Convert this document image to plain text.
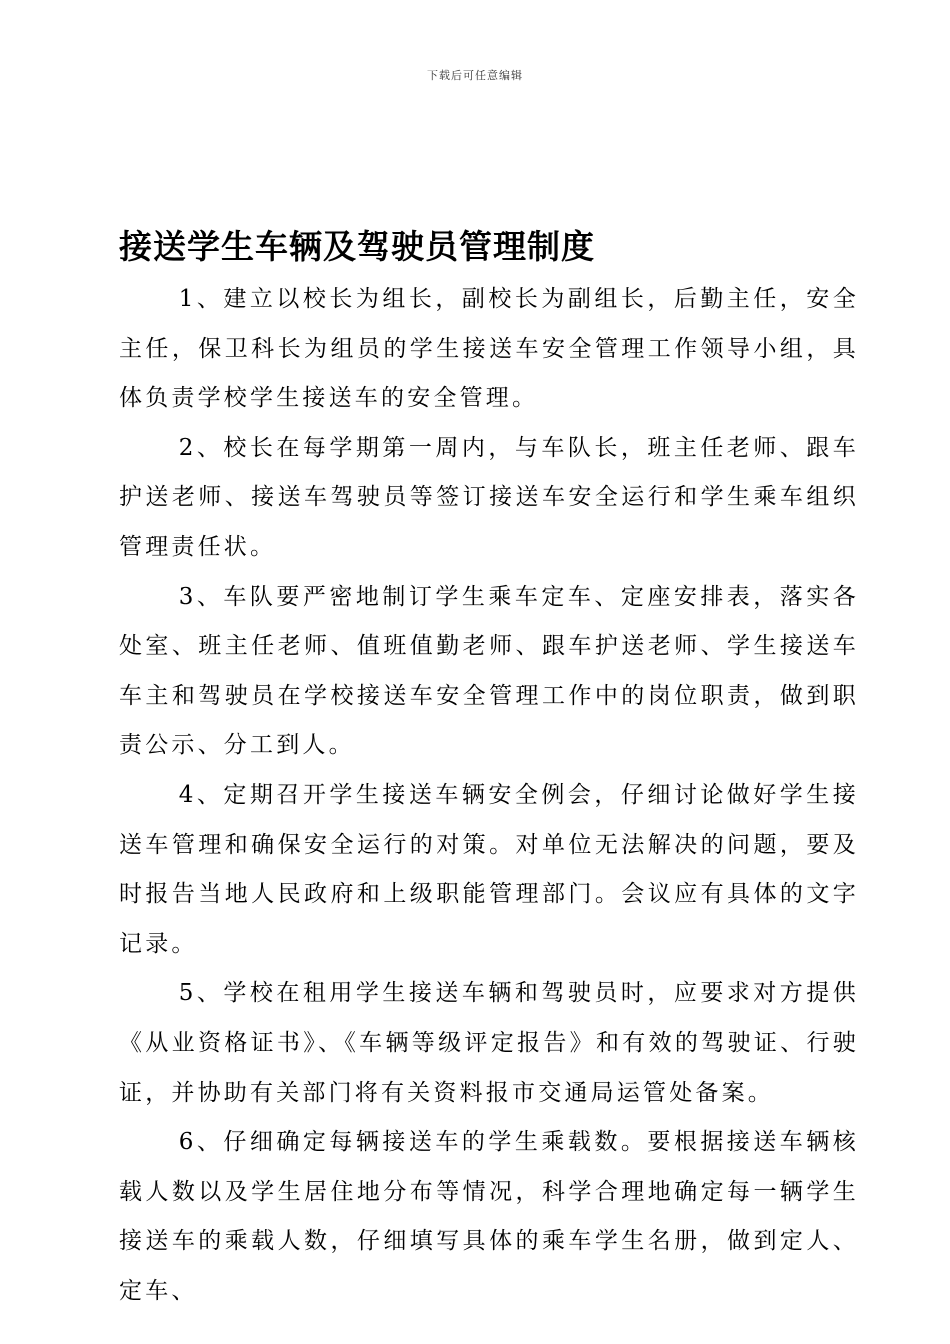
下载后可任意编辑
接送学生车辆及驾驶员管理制度

1、建立以校长为组长，副校长为副组长，后勤主任，安全主任，保卫科长为组员的学生接送车安全管理工作领导小组，具体负责学校学生接送车的安全管理。

2、校长在每学期第一周内，与车队长，班主任老师、跟车护送老师、接送车驾驶员等签订接送车安全运行和学生乘车组织管理责任状。

3、车队要严密地制订学生乘车定车、定座安排表，落实各处室、班主任老师、值班值勤老师、跟车护送老师、学生接送车车主和驾驶员在学校接送车安全管理工作中的岗位职责，做到职责公示、分工到人。

4、定期召开学生接送车辆安全例会，仔细讨论做好学生接送车管理和确保安全运行的对策。对单位无法解决的问题，要及时报告当地人民政府和上级职能管理部门。会议应有具体的文字记录。

5、学校在租用学生接送车辆和驾驶员时，应要求对方提供《从业资格证书》、《车辆等级评定报告》和有效的驾驶证、行驶证，并协助有关部门将有关资料报市交通局运管处备案。

6、仔细确定每辆接送车的学生乘载数。要根据接送车辆核载人数以及学生居住地分布等情况，科学合理地确定每一辆学生接送车的乘载人数，仔细填写具体的乘车学生名册，做到定人、定车、
